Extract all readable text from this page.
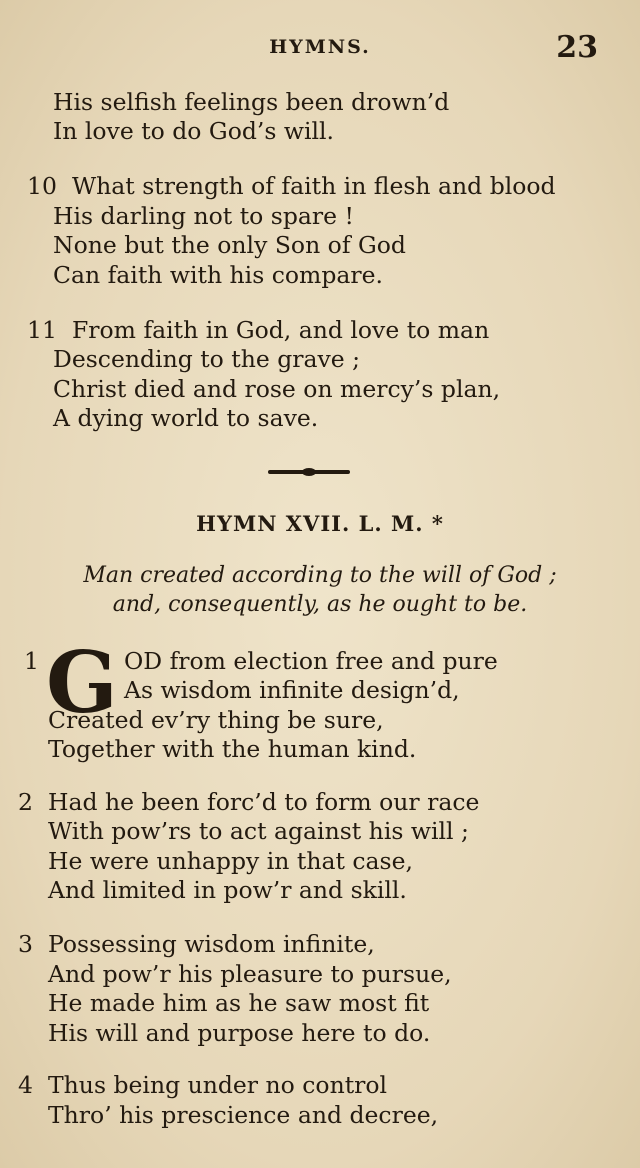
HYMNS.	23
His selfish feelings been drown’d
In love to do God’s will.
10 What strength of faith in flesh and blood
His darling not to spare !
None but the only Son of God
Can faith with his compare.
11 From faith in God, and love to man
Descending to the grave ;
Christ died and rose on mercy’s plan,
A dying world to save.
HYMN XVII. L. M. *
Man created according to the will of God ;
and, consequently, as he ought to be.
1 G OD from election free and pure
As wisdom infinite design’d,
Created ev’ry thing be sure,
Together with the human kind.
2 Had he been forc’d to form our race
With pow’rs to act against his will ;
He were unhappy in that case,
And limited in pow’r and skill.
3 Possessing wisdom infinite,
And pow’r his pleasure to pursue,
He made him as he saw most fit
His will and purpose here to do.
4 Thus being under no control
Thro’ his prescience and decree,
